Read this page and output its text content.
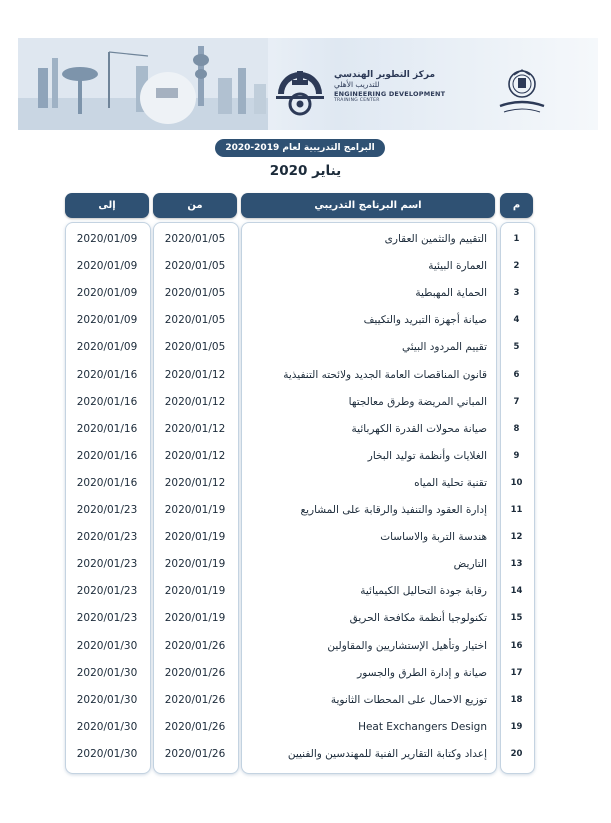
مركز التطوير الهندسي
للتدريب الأهلي
ENGINEERING DEVELOPMENT
TRAINING CENTER
البرامج التدريبية لعام 2019-2020
يناير 2020
م
اسم البرنامج التدريبي
من
إلى
1
التقييم والتثمين العقارى
2020/01/05
2020/01/09
2
العمارة البيئية
2020/01/05
2020/01/09
3
الحماية المهبطية
2020/01/05
2020/01/09
4
صيانة أجهزة التبريد والتكييف
2020/01/05
2020/01/09
5
تقييم المردود البيئي
2020/01/05
2020/01/09
6
قانون المناقصات العامة الجديد ولائحته التنفيذية
2020/01/12
2020/01/16
7
المباني المريضة وطرق معالجتها
2020/01/12
2020/01/16
8
صيانة محولات القدرة الكهربائية
2020/01/12
2020/01/16
9
الغلايات وأنظمة توليد البخار
2020/01/12
2020/01/16
10
تقنية تحلية المياه
2020/01/12
2020/01/16
11
إدارة العقود والتنفيذ والرقابة على المشاريع
2020/01/19
2020/01/23
12
هندسة التربة والاساسات
2020/01/19
2020/01/23
13
التاريض
2020/01/19
2020/01/23
14
رقابة جودة التحاليل الكيميائية
2020/01/19
2020/01/23
15
تكنولوجيا أنظمة مكافحة الحريق
2020/01/19
2020/01/23
16
اختيار وتأهيل الإستشاريين والمقاولين
2020/01/26
2020/01/30
17
صيانة و إدارة الطرق والجسور
2020/01/26
2020/01/30
18
توزيع الاحمال على المحطات الثانوية
2020/01/26
2020/01/30
19
Heat Exchangers Design
2020/01/26
2020/01/30
20
إعداد وكتابة التقارير الفنية للمهندسين والفنيين
2020/01/26
2020/01/30
